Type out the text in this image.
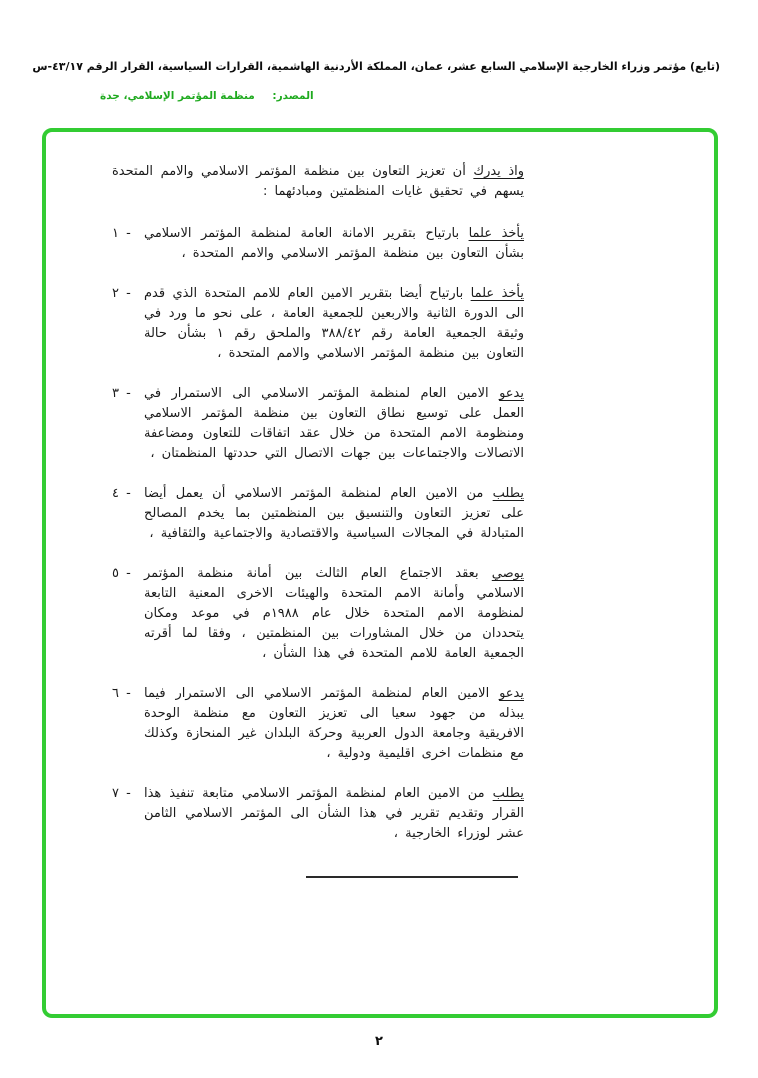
(تابع) مؤتمر وزراء الخارجية الإسلامي السابع عشر، عمان، المملكة الأردنية الهاشمية، القرارات السياسية، القرار الرقم ٤٣/١٧-س
المصدر: منظمة المؤتمر الإسلامي، جدة

واذ يدرك أن تعزيز التعاون بين منظمة المؤتمر الاسلامي والامم المتحدة يسهم في تحقيق غايات المنظمتين ومبادئهما :

١ -	يأخذ علما بارتياح بتقرير الامانة العامة لمنظمة المؤتمر الاسلامي بشأن التعاون بين منظمة المؤتمر الاسلامي والامم المتحدة ،
٢ -	يأخذ علما بارتياح أيضا بتقرير الامين العام للامم المتحدة الذي قدم الى الدورة الثانية والاربعين للجمعية العامة ، على نحو ما ورد في وثيقة الجمعية العامة رقم ٣٨٨/٤٢ والملحق رقم ١ بشأن حالة التعاون بين منظمة المؤتمر الاسلامي والامم المتحدة ،
٣ -	يدعو الامين العام لمنظمة المؤتمر الاسلامي الى الاستمرار في العمل على توسيع نطاق التعاون بين منظمة المؤتمر الاسلامي ومنظومة الامم المتحدة من خلال عقد اتفاقات للتعاون ومضاعفة الاتصالات والاجتماعات بين جهات الاتصال التي حددتها المنظمتان ،
٤ -	يطلب من الامين العام لمنظمة المؤتمر الاسلامي أن يعمل أيضا على تعزيز التعاون والتنسيق بين المنظمتين بما يخدم المصالح المتبادلة في المجالات السياسية والاقتصادية والاجتماعية والثقافية ،
٥ -	يوصي بعقد الاجتماع العام الثالث بين أمانة منظمة المؤتمر الاسلامي وأمانة الامم المتحدة والهيئات الاخرى المعنية التابعة لمنظومة الامم المتحدة خلال عام ١٩٨٨م في موعد ومكان يتحددان من خلال المشاورات بين المنظمتين ، وفقا لما أقرته الجمعية العامة للامم المتحدة في هذا الشأن ،
٦ -	يدعو الامين العام لمنظمة المؤتمر الاسلامي الى الاستمرار فيما يبذله من جهود سعيا الى تعزيز التعاون مع منظمة الوحدة الافريقية وجامعة الدول العربية وحركة البلدان غير المنحازة وكذلك مع منظمات اخرى اقليمية ودولية ،
٧ -	يطلب من الامين العام لمنظمة المؤتمر الاسلامي متابعة تنفيذ هذا القرار وتقديم تقرير في هذا الشأن الى المؤتمر الاسلامي الثامن عشر لوزراء الخارجية ،
٢
